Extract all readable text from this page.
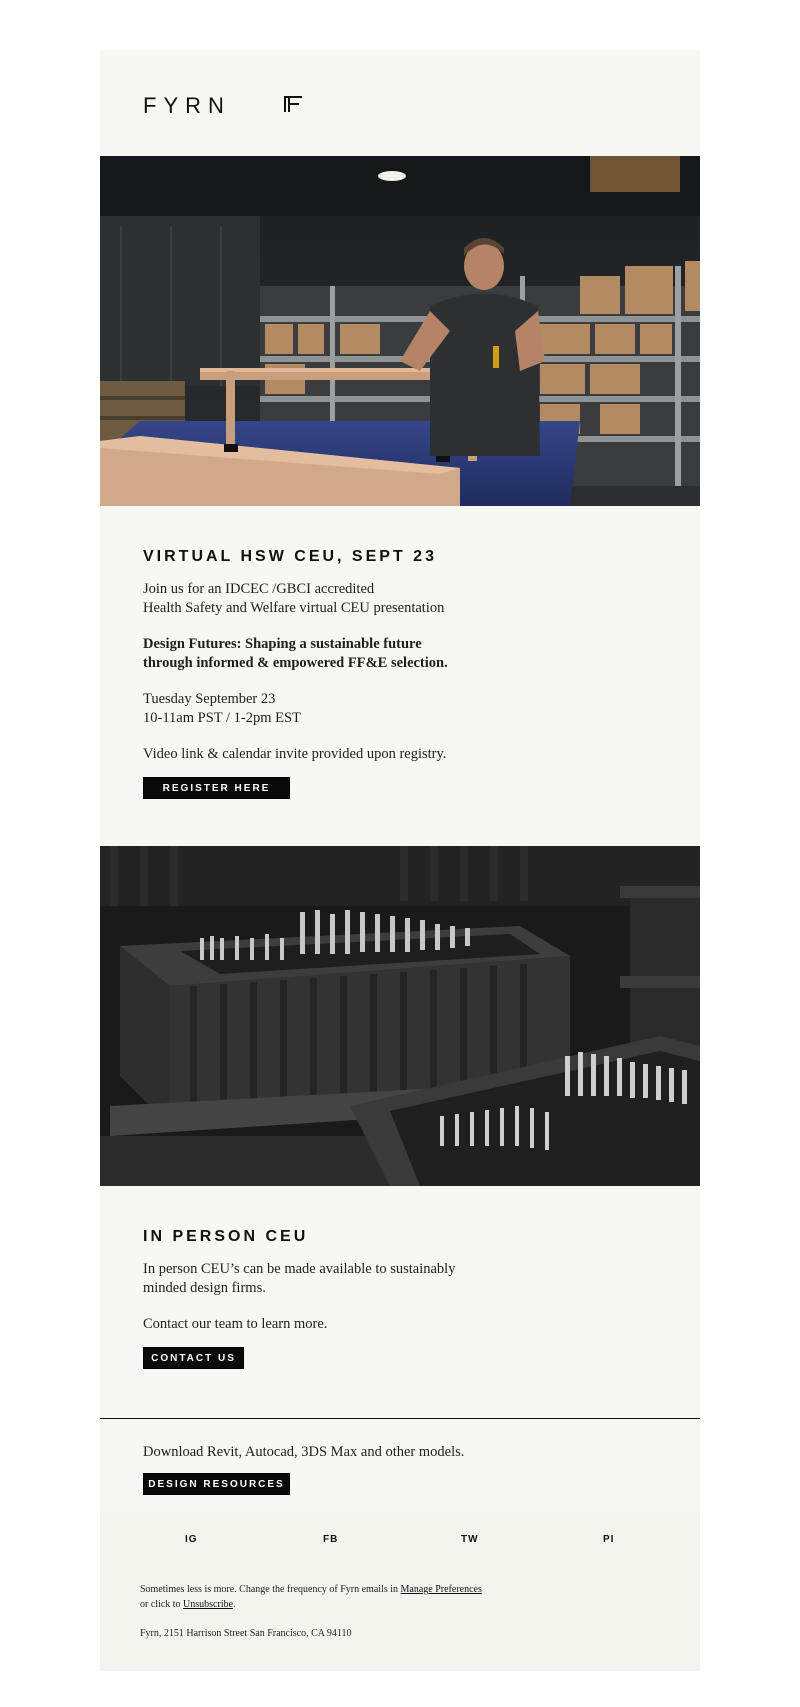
FYRN
VIRTUAL HSW CEU, SEPT 23

Join us for an IDCEC /GBCI accredited
Health Safety and Welfare virtual CEU presentation

Design Futures: Shaping a sustainable future
through informed & empowered FF&E selection.

Tuesday September 23
10-11am PST / 1-2pm EST

Video link & calendar invite provided upon registry.

REGISTER HERE
IN PERSON CEU

In person CEU’s can be made available to sustainably
minded design firms.

Contact our team to learn more.

CONTACT US

Download Revit, Autocad, 3DS Max and other models.

DESIGN RESOURCES
IG	FB	TW	PI

Sometimes less is more. Change the frequency of Fyrn emails in Manage Preferences
or click to Unsubscribe.

Fyrn, 2151 Harrison Street San Francisco, CA 94110
